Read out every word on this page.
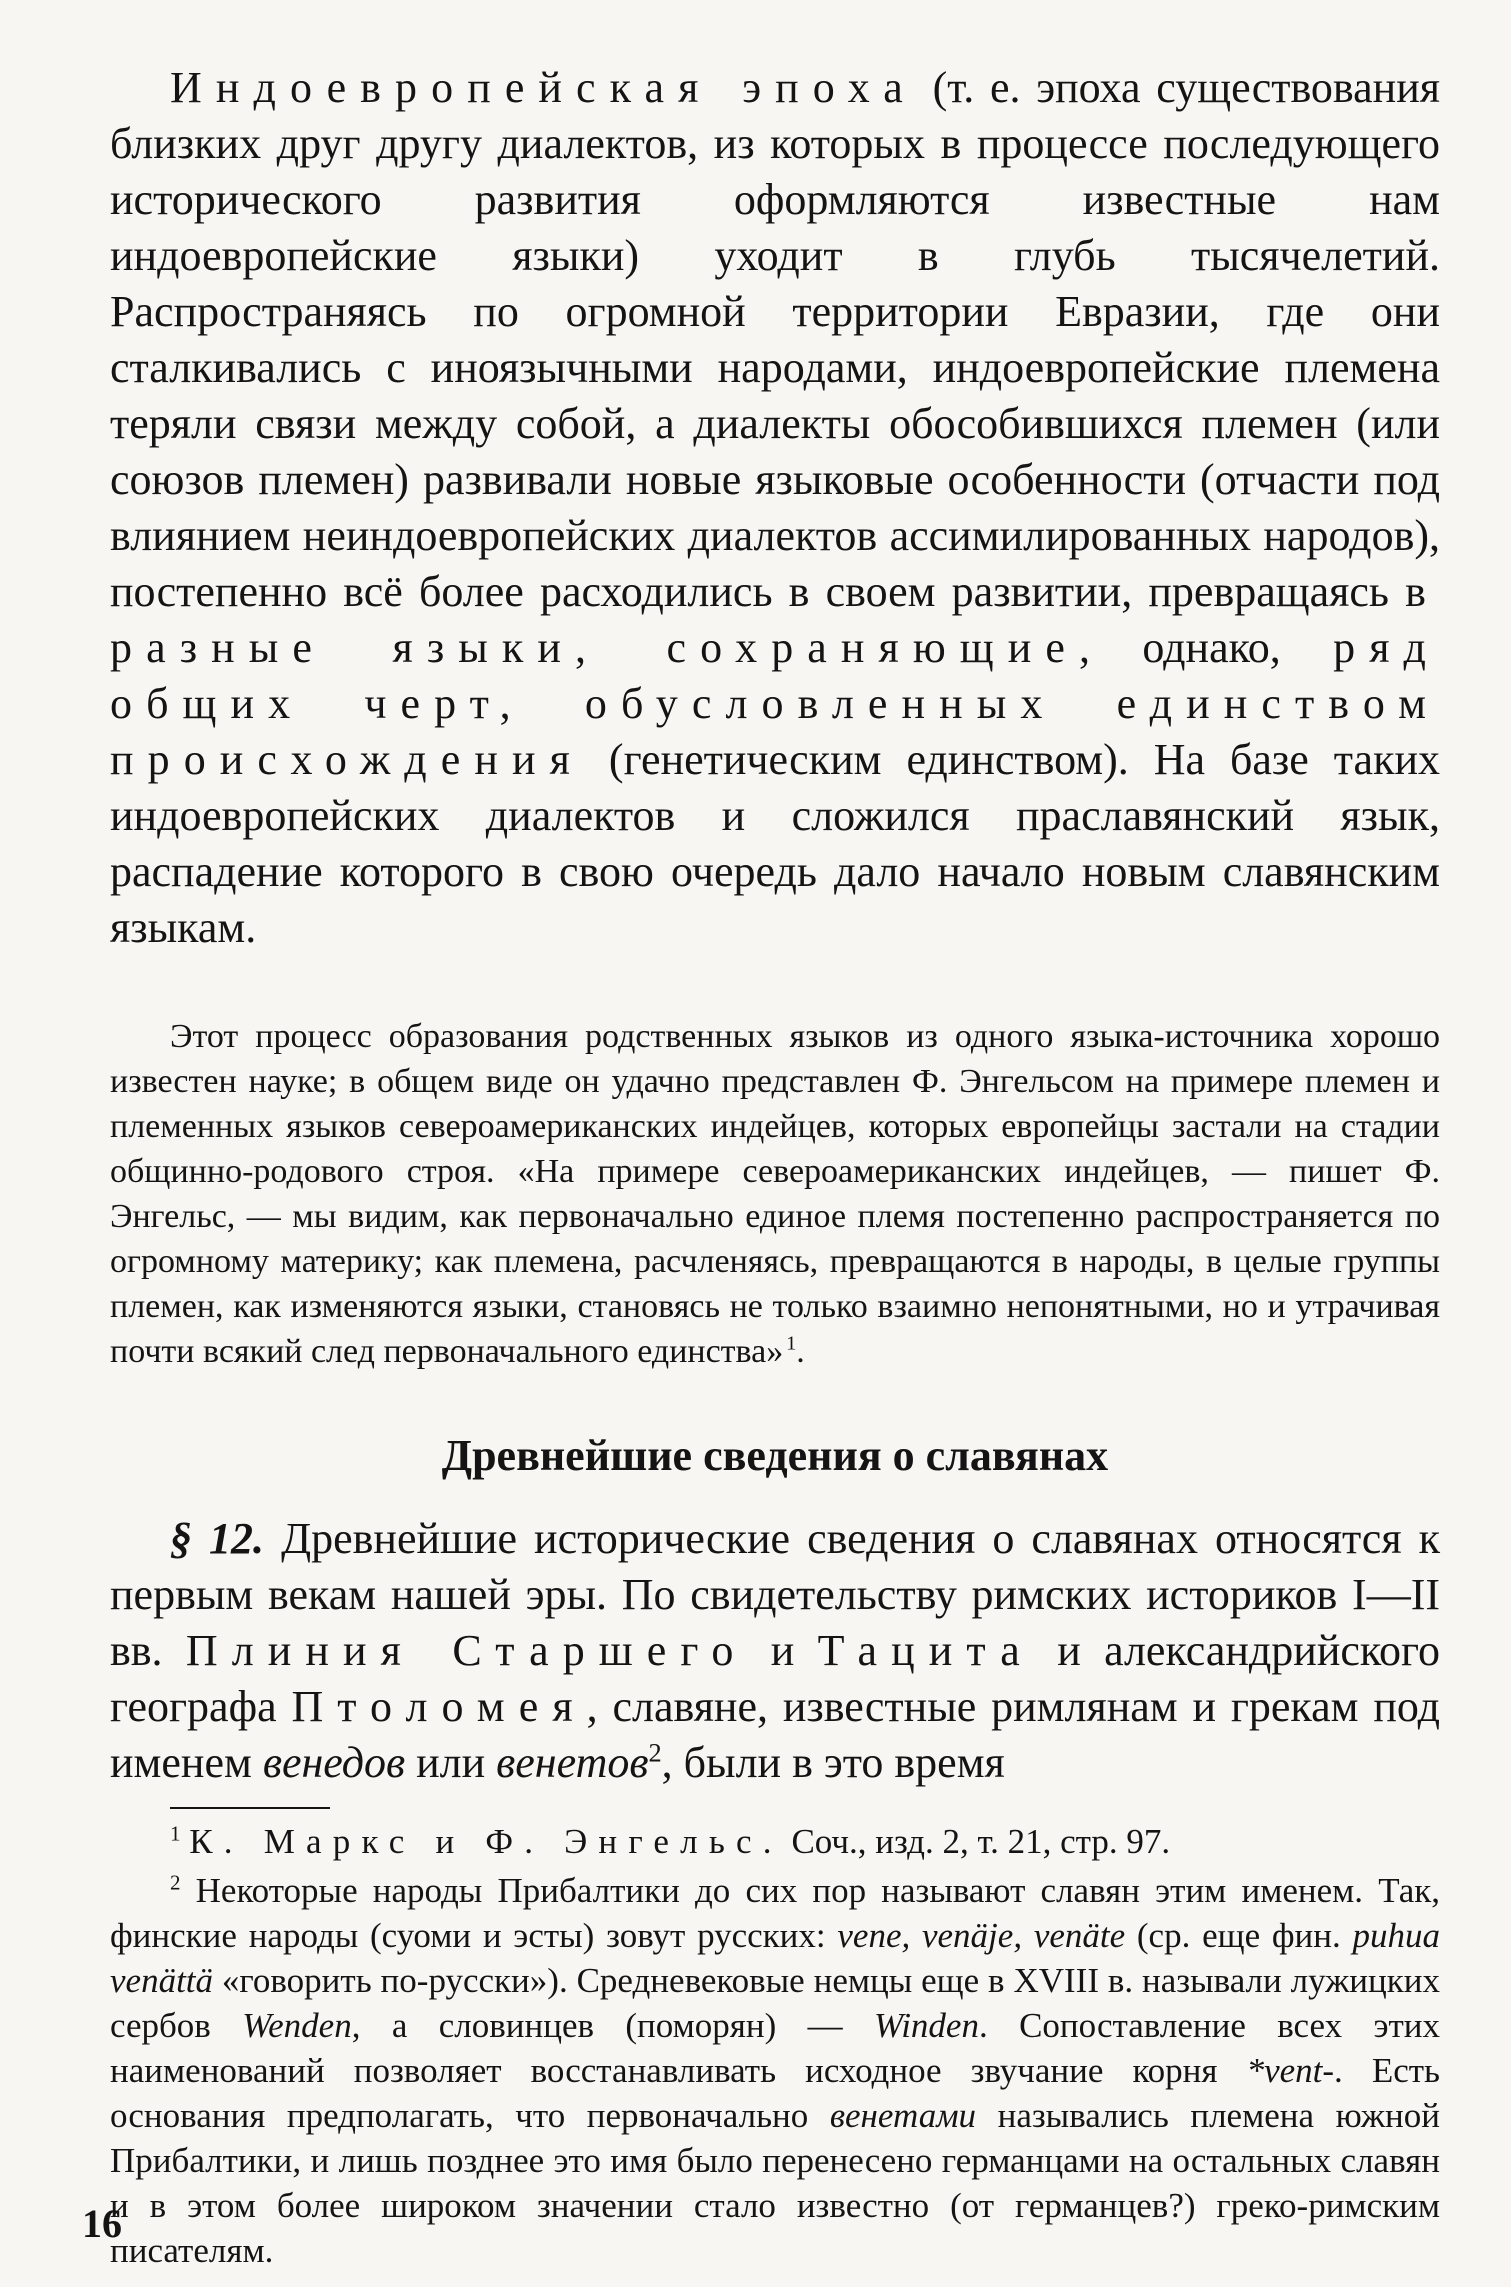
Индоевропейская эпоха (т. е. эпоха существования близких друг другу диалектов, из которых в процессе последующего исторического развития оформляются известные нам индоевропейские языки) уходит в глубь тысячелетий. Распространяясь по огромной территории Евразии, где они сталкивались с иноязычными народами, индоевропейские племена теряли связи между собой, а диалекты обособившихся племен (или союзов племен) развивали новые языковые особенности (отчасти под влиянием неиндоевропейских диалектов ассимилированных народов), постепенно всё более расходились в своем развитии, превращаясь в разные языки, сохраняющие, однако, ряд общих черт, обусловленных единством происхождения (генетическим единством). На базе таких индоевропейских диалектов и сложился праславянский язык, распадение которого в свою очередь дало начало новым славянским языкам.

Этот процесс образования родственных языков из одного языка-источника хорошо известен науке; в общем виде он удачно представлен Ф. Энгельсом на примере племен и племенных языков североамериканских индейцев, которых европейцы застали на стадии общинно-родового строя. «На примере североамериканских индейцев, — пишет Ф. Энгельс, — мы видим, как первоначально единое племя постепенно распространяется по огромному материку; как племена, расчленяясь, превращаются в народы, в целые группы племен, как изменяются языки, становясь не только взаимно непонятными, но и утрачивая почти всякий след первоначального единства»  $^1$.

Древнейшие сведения о славянах

§ 12. Древнейшие исторические сведения о славянах относятся к первым векам нашей эры. По свидетельству римских историков I—II вв. Плиния Старшего и Тацита и александрийского географа Птоломея, славяне, известные римлянам и грекам под именем венедов или венетов$^2$, были в это время

$^1$ К. Маркс и Ф. Энгельс. Соч., изд. 2, т. 21, стр. 97.

$^2$ Некоторые народы Прибалтики до сих пор называют славян этим именем. Так, финские народы (суоми и эсты) зовут русских: vene, venäje, venäte (ср. еще фин. puhua venättä «говорить по-русски»). Средневековые немцы еще в XVIII в. называли лужицких сербов Wenden, а словинцев (поморян) — Winden. Сопоставление всех этих наименований позволяет восстанавливать исходное звучание корня *vent-. Есть основания предполагать, что первоначально венетами назывались племена южной Прибалтики, и лишь позднее это имя было перенесено германцами на остальных славян и в этом более широком значении стало известно (от германцев?) греко-римским писателям.

16
